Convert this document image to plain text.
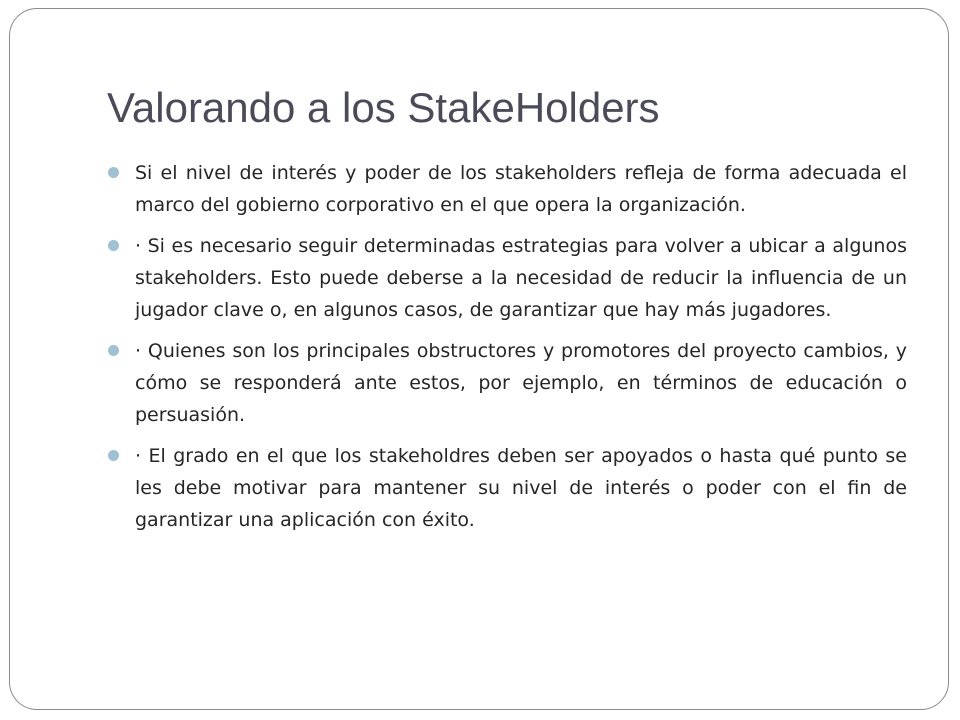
Valorando a los StakeHolders
Si el nivel de interés y poder de los stakeholders refleja de forma adecuada el marco del gobierno corporativo en el que opera la organización.
· Si es necesario seguir determinadas estrategias para volver a ubicar a algunos stakeholders. Esto puede deberse a la necesidad de reducir la influencia de un jugador clave o, en algunos casos, de garantizar que hay más jugadores.
· Quienes son los principales obstructores y promotores del proyecto cambios, y cómo se responderá ante estos, por ejemplo, en términos de educación o persuasión.
· El grado en el que los stakeholdres deben ser apoyados o hasta qué punto se les debe motivar para mantener su nivel de interés o poder con el fin de garantizar una aplicación con éxito.
